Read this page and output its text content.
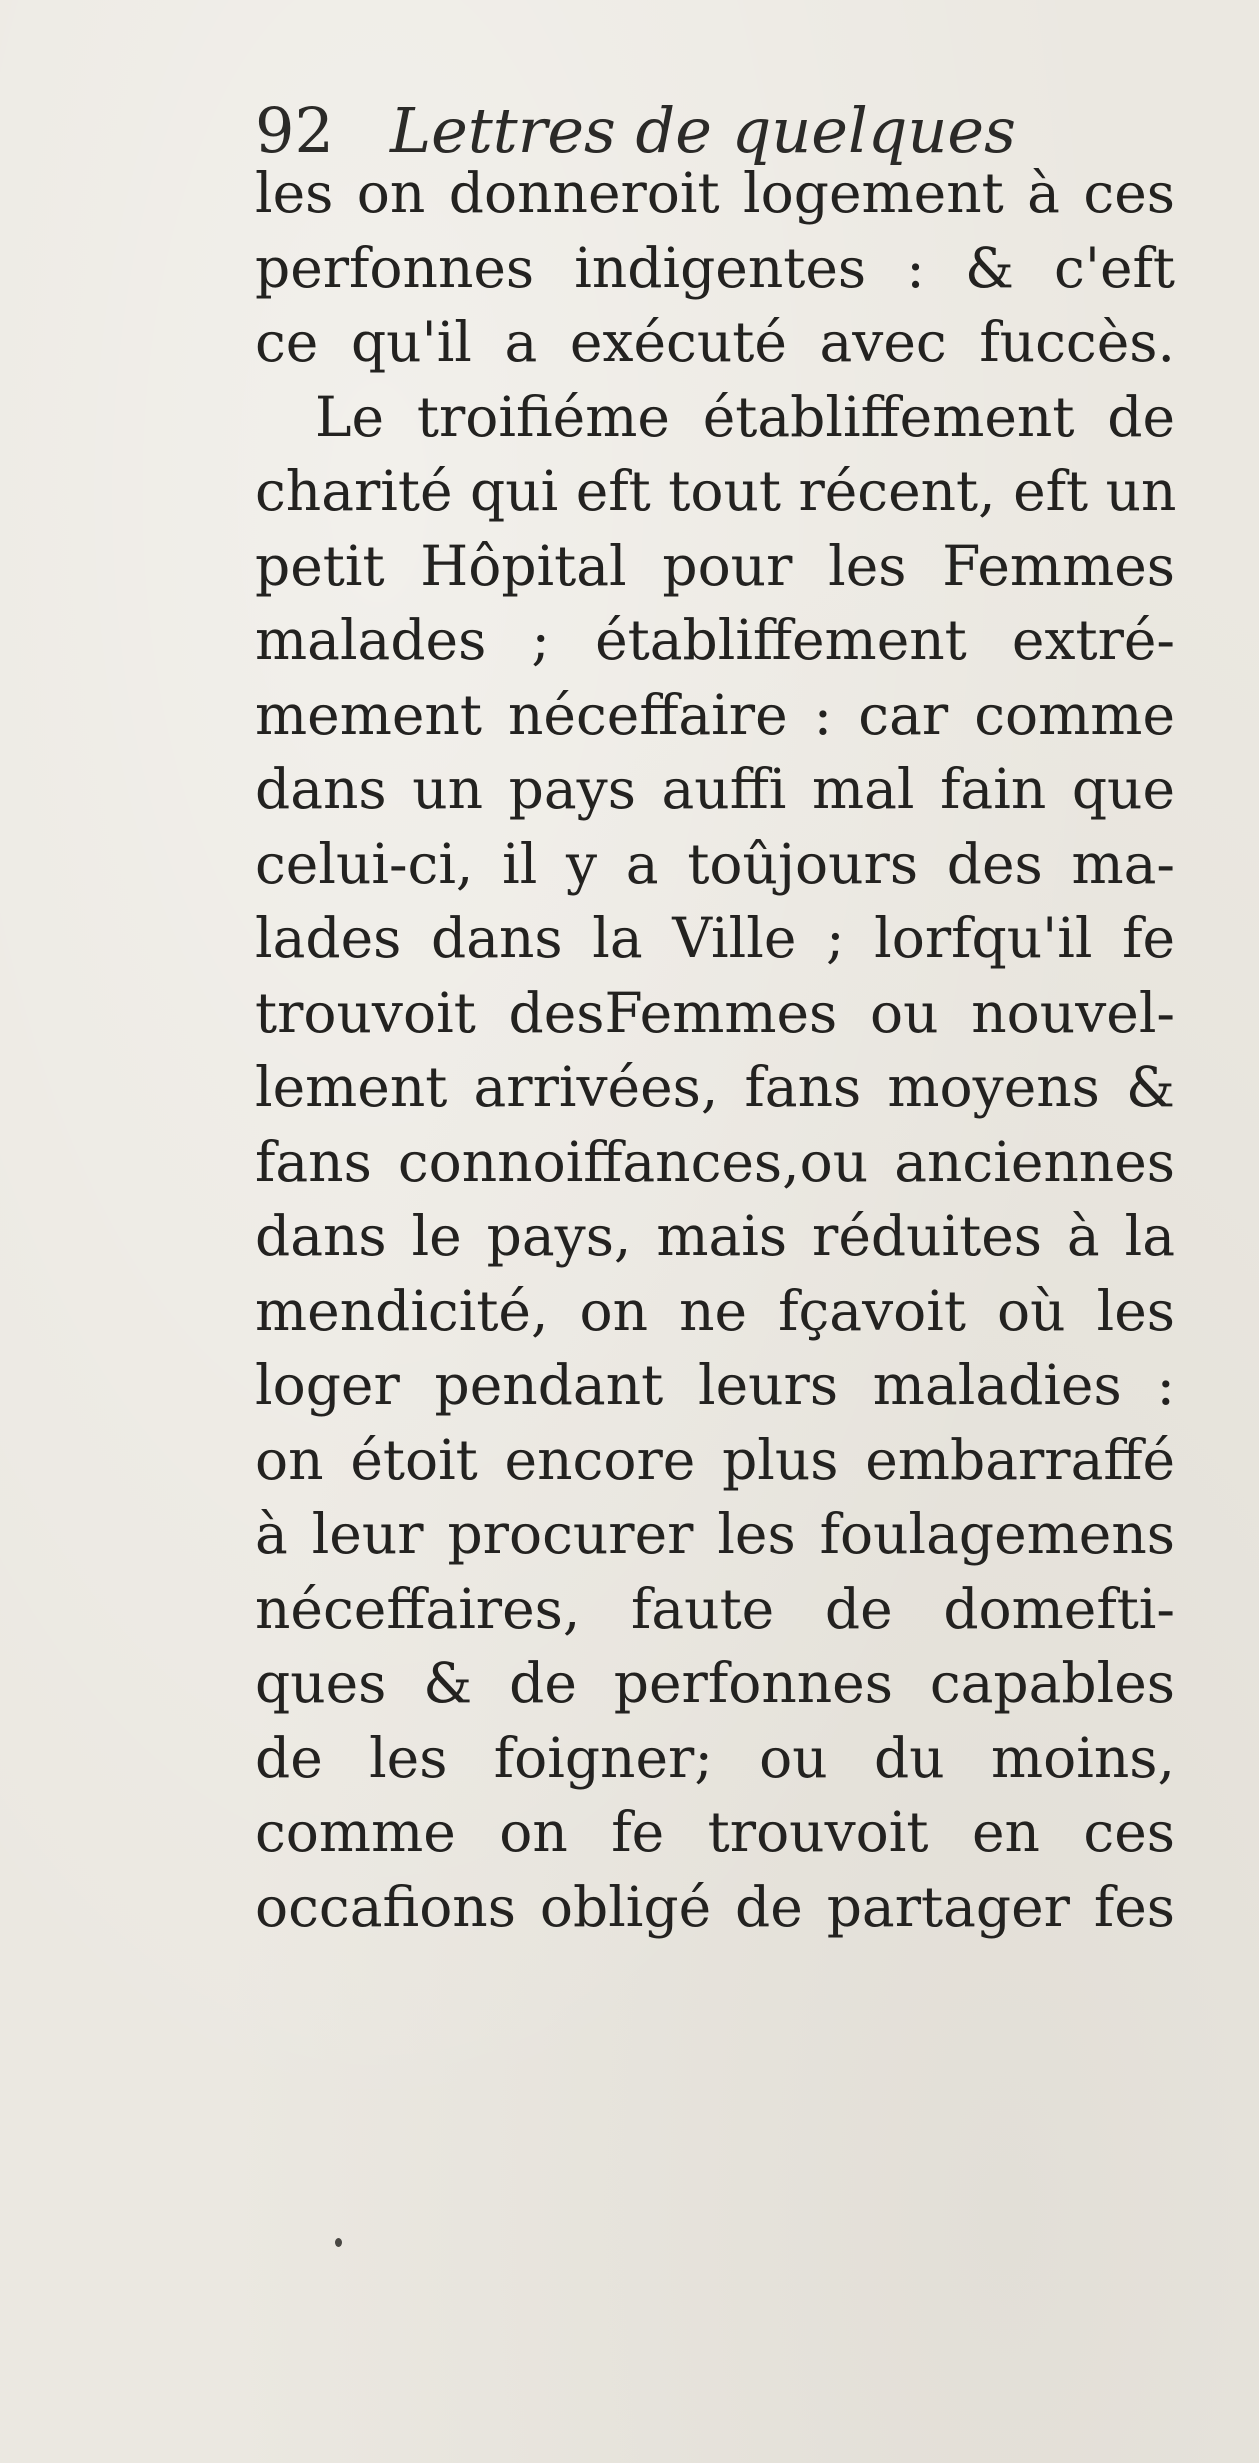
92 Lettres de quelques
les on donneroit logement à ces
perfonnes indigentes : & c'eft
ce qu'il a exécuté avec fuccès.
Le troifiéme établiffement de
charité qui eft tout récent, eft un
petit Hôpital pour les Femmes
malades ; établiffement extré-
mement néceffaire : car comme
dans un pays auffi mal fain que
celui-ci, il y a toûjours des ma-
lades dans la Ville ; lorfqu'il fe
trouvoit desFemmes ou nouvel-
lement arrivées, fans moyens &
fans connoiffances,ou anciennes
dans le pays, mais réduites à la
mendicité, on ne fçavoit où les
loger pendant leurs maladies :
on étoit encore plus embarraffé
à leur procurer les foulagemens
néceffaires, faute de domefti-
ques & de perfonnes capables
de les foigner; ou du moins,
comme on fe trouvoit en ces
occafions obligé de partager fes
